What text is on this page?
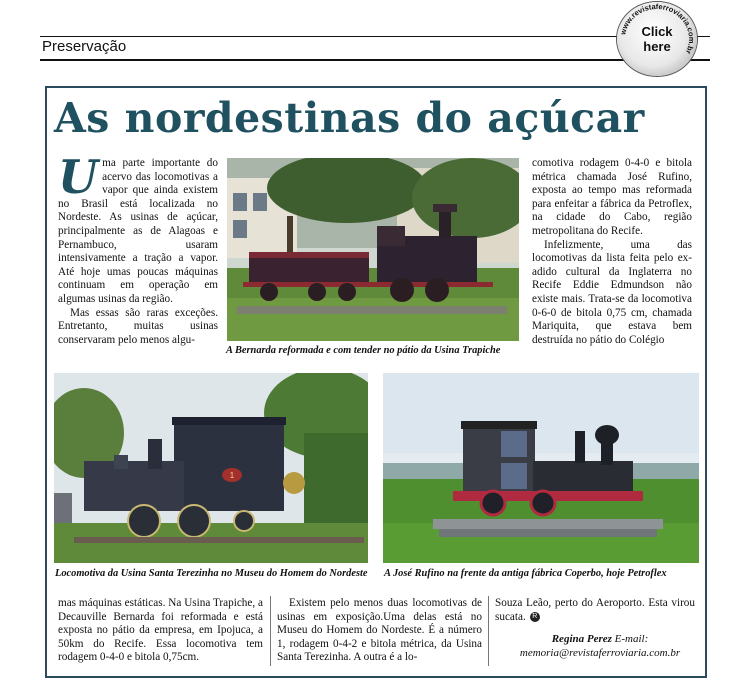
Preservação
www.revistaferroviaria.com.br
Click
here
As nordestinas do açúcar

Uma parte importante do acervo das locomotivas a vapor que ainda existem no Brasil está localizada no Nordeste. As usinas de açúcar, principalmente as de Alagoas e Pernambuco, usaram intensivamente a tração a vapor. Até hoje umas poucas máquinas continuam em operação em algumas usinas da região.

Mas essas são raras exceções. Entretanto, muitas usinas conservaram pelo menos algu-

A Bernarda reformada e com tender no pátio da Usina Trapiche

comotiva rodagem 0-4-0 e bitola métrica chamada José Rufino, exposta ao tempo mas reformada para enfeitar a fábrica da Petroflex, na cidade do Cabo, região metropolitana do Recife.

Infelizmente, uma das locomotivas da lista feita pelo ex-adido cultural da Inglaterra no Recife Eddie Edmundson não existe mais. Trata-se da locomotiva 0-6-0 de bitola 0,75 cm, chamada Mariquita, que estava bem destruída no pátio do Colégio

1
Locomotiva da Usina Santa Terezinha no Museu do Homem do Nordeste A José Rufino na frente da antiga fábrica Coperbo, hoje Petroflex

mas máquinas estáticas. Na Usina Trapiche, a Decauville Bernarda foi reformada e está exposta no pátio da empresa, em Ipojuca, a 50km do Recife. Essa locomotiva tem rodagem 0-4-0 e bitola 0,75cm.

Existem pelo menos duas locomotivas de usinas em exposição.Uma delas está no Museu do Homem do Nordeste. É a número 1, rodagem 0-4-2 e bitola métrica, da Usina Santa Terezinha. A outra é a lo-

Souza Leão, perto do Aeroporto. Esta virou sucata. R

Regina Perez E-mail:
memoria@revistaferroviaria.com.br
